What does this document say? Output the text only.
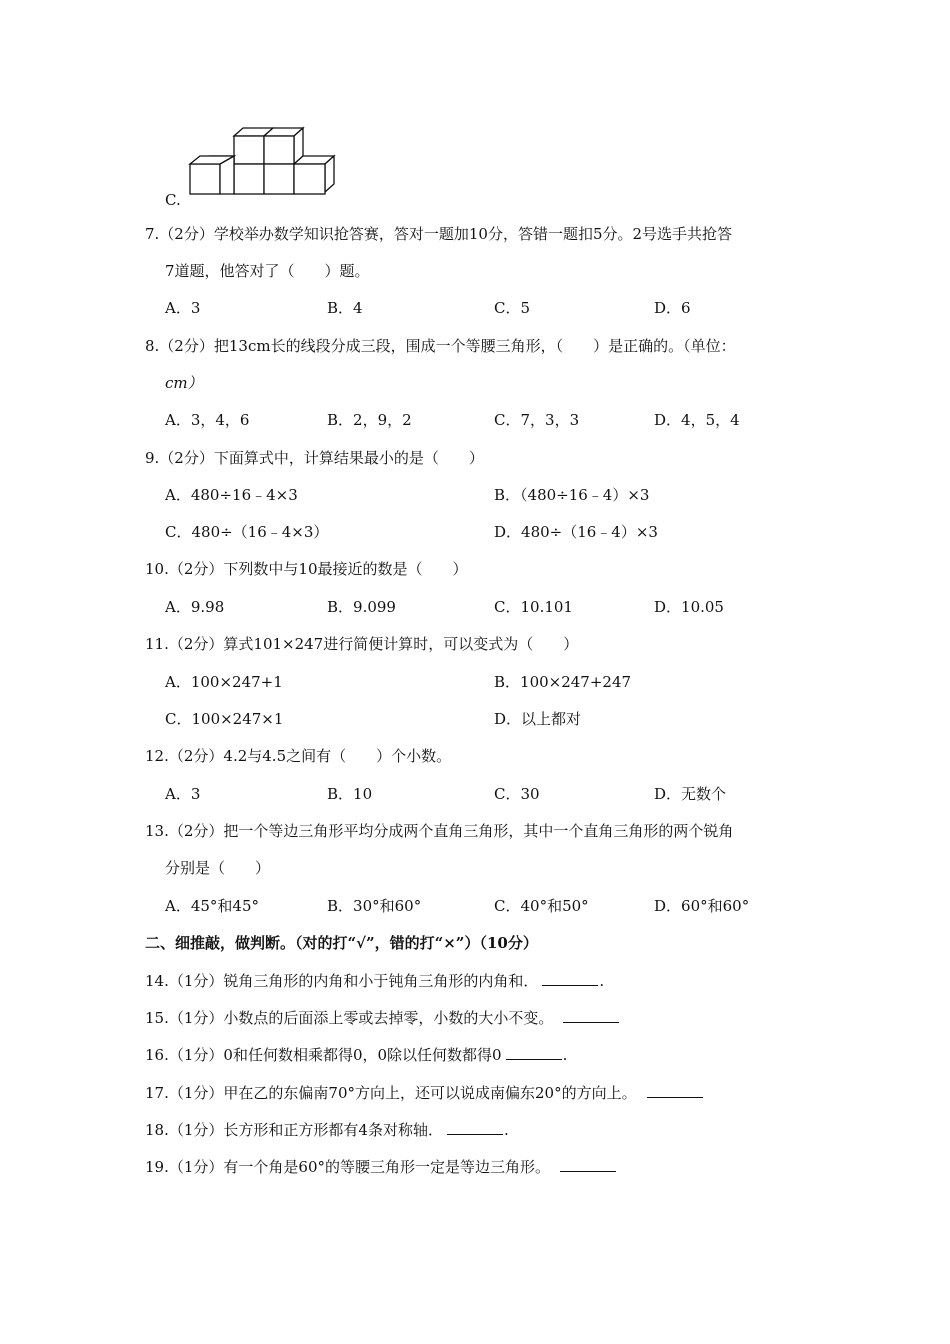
C.
7.（2分）学校举办数学知识抢答赛，答对一题加10分，答错一题扣5分。2号选手共抢答
7道题，他答对了（　　）题。
A．3	B．4	C．5	D．6
8.（2分）把13cm长的线段分成三段，围成一个等腰三角形，（　　）是正确的。（单位：
cm）
A．3，4，6	B．2，9，2	C．7，3，3	D．4，5，4
9.（2分）下面算式中，计算结果最小的是（　　）
A．480÷16﹣4×3	B．（480÷16﹣4）×3
C．480÷（16﹣4×3）	D．480÷（16﹣4）×3
10.（2分）下列数中与10最接近的数是（　　）
A．9.98	B．9.099	C．10.101	D．10.05
11.（2分）算式101×247进行简便计算时，可以变式为（　　）
A．100×247+1	B．100×247+247
C．100×247×1	D．以上都对
12.（2分）4.2与4.5之间有（　　）个小数。
A．3	B．10	C．30	D．无数个
13.（2分）把一个等边三角形平均分成两个直角三角形，其中一个直角三角形的两个锐角
分别是（　　）
A．45°和45°	B．30°和60°	C．40°和50°	D．60°和60°
二、细推敲，做判断。（对的打“√”，错的打“×”）（10分）
14.（1分）锐角三角形的内角和小于钝角三角形的内角和．	.
15.（1分）小数点的后面添上零或去掉零，小数的大小不变。
16.（1分）0和任何数相乘都得0，0除以任何数都得0	.
17.（1分）甲在乙的东偏南70°方向上，还可以说成南偏东20°的方向上。
18.（1分）长方形和正方形都有4条对称轴．	.
19.（1分）有一个角是60°的等腰三角形一定是等边三角形。
